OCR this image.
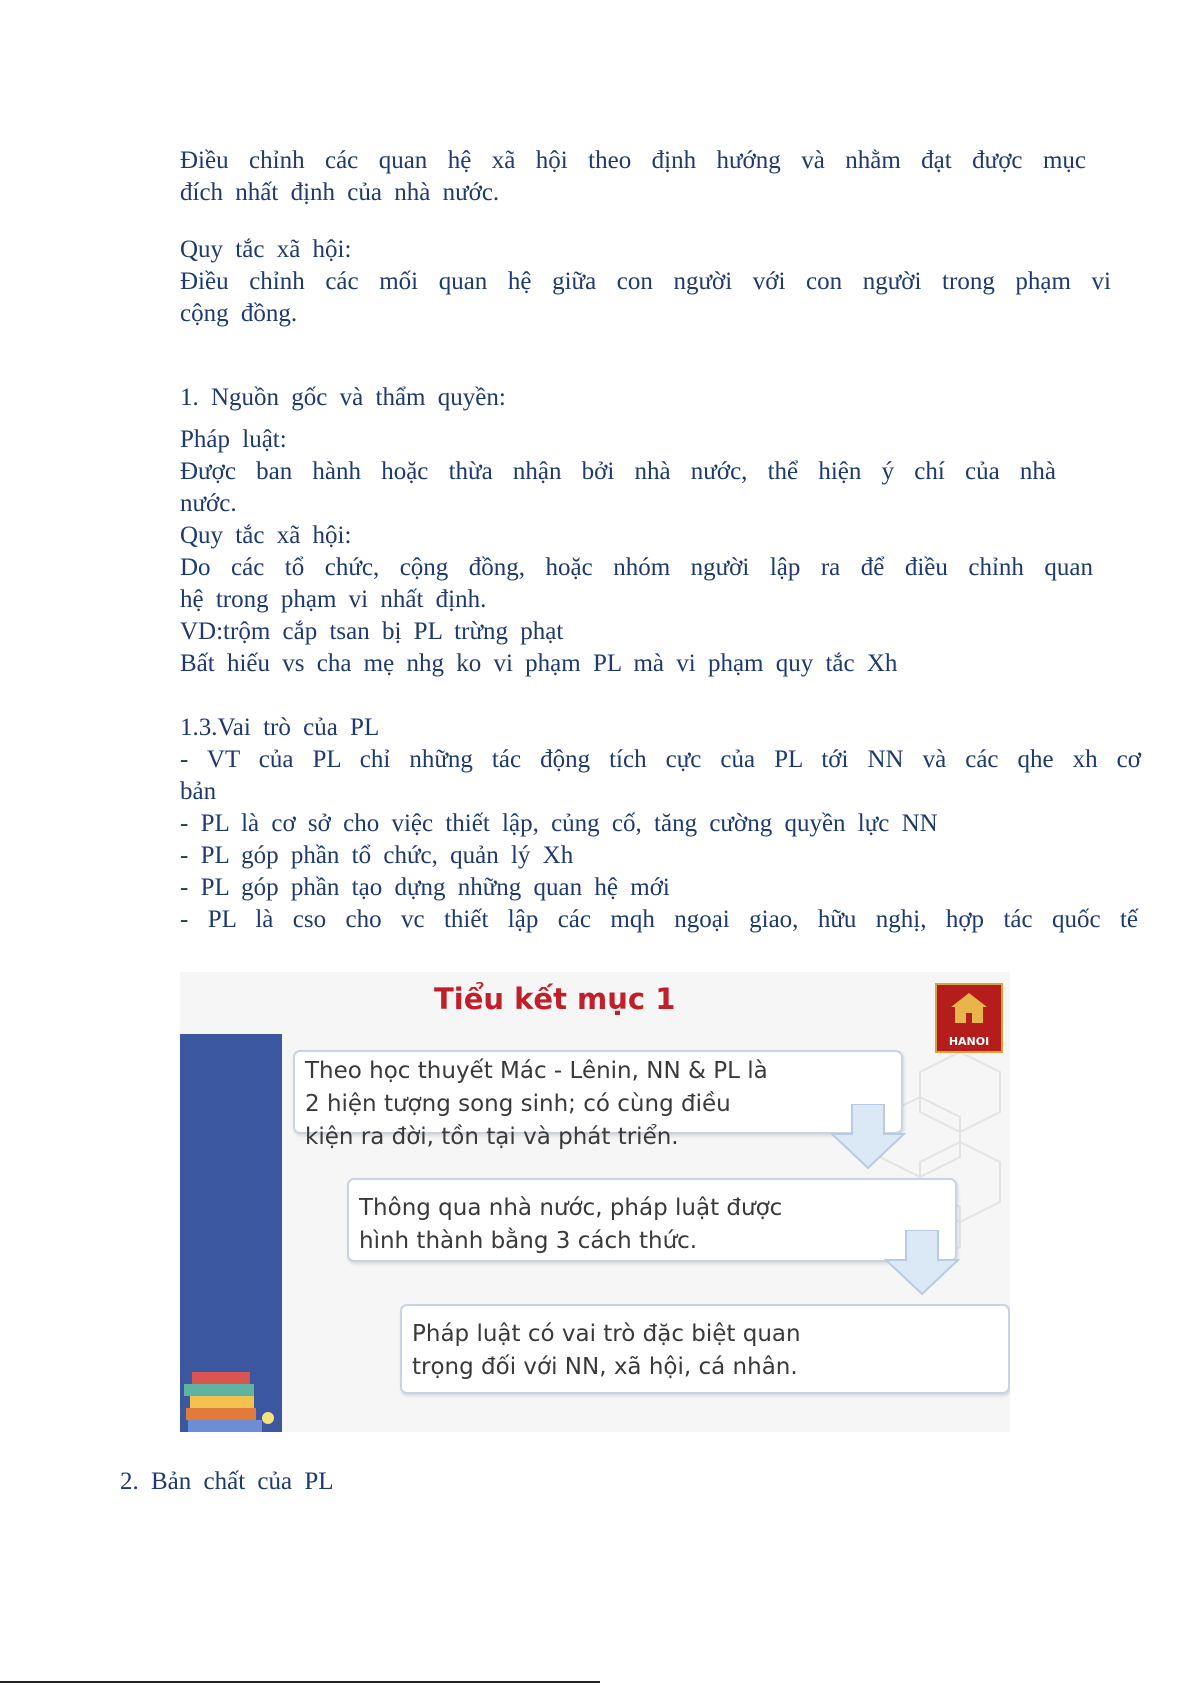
Điều chỉnh các quan hệ xã hội theo định hướng và nhằm đạt được mục

đích nhất định của nhà nước.

Quy tắc xã hội:

Điều chỉnh các mối quan hệ giữa con người với con người trong phạm vi

cộng đồng.

1. Nguồn gốc và thẩm quyền:

Pháp luật:

Được ban hành hoặc thừa nhận bởi nhà nước, thể hiện ý chí của nhà

nước.

Quy tắc xã hội:

Do các tổ chức, cộng đồng, hoặc nhóm người lập ra để điều chỉnh quan

hệ trong phạm vi nhất định.

VD:trộm cắp tsan bị PL trừng phạt

Bất hiếu vs cha mẹ nhg ko vi phạm PL mà vi phạm quy tắc Xh

1.3.Vai trò của PL

- VT của PL chỉ những tác động tích cực của PL tới NN và các qhe xh cơ

bản

- PL là cơ sở cho việc thiết lập, củng cố, tăng cường quyền lực NN

- PL góp phần tổ chức, quản lý Xh

- PL góp phần tạo dựng những quan hệ mới

- PL là cso cho vc thiết lập các mqh ngoại giao, hữu nghị, hợp tác quốc tế

Tiểu kết mục 1

HANOI
Theo học thuyết Mác - Lênin, NN & PL là
2 hiện tượng song sinh; có cùng điều
kiện ra đời, tồn tại và phát triển.
Thông qua nhà nước, pháp luật được
hình thành bằng 3 cách thức.
Pháp luật có vai trò đặc biệt quan
trọng đối với NN, xã hội, cá nhân.

2. Bản chất của PL
